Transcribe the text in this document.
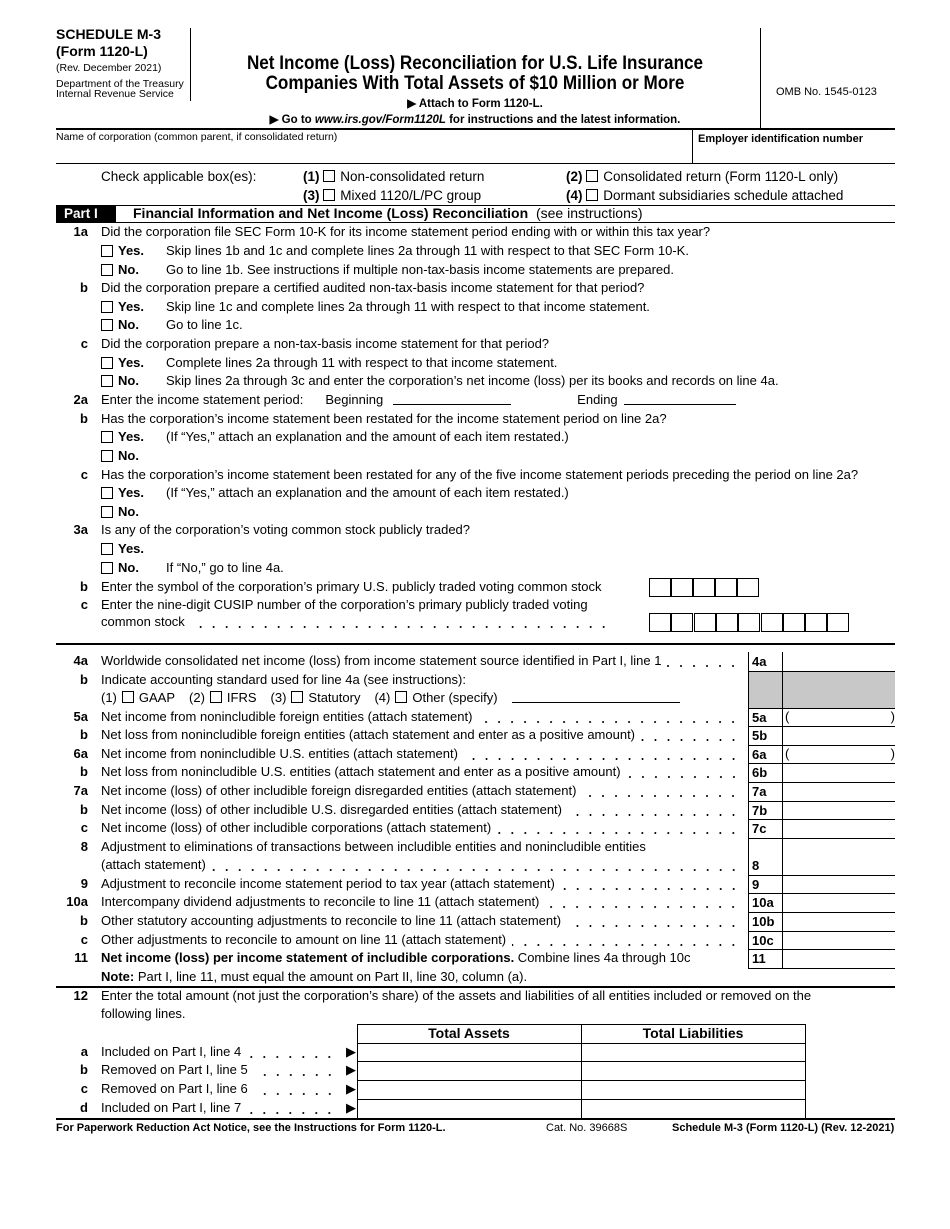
SCHEDULE M-3
(Form 1120-L)
(Rev. December 2021)
Department of the Treasury
Internal Revenue Service
Net Income (Loss) Reconciliation for U.S. Life Insurance
Companies With Total Assets of $10 Million or More
▶ Attach to Form 1120-L.
▶ Go to www.irs.gov/Form1120L for instructions and the latest information.
OMB No. 1545-0123
Name of corporation (common parent, if consolidated return)	Employer identification number
Check applicable box(es):	(1) Non-consolidated return	(2) Consolidated return (Form 1120-L only)
(3) Mixed 1120/L/PC group	(4) Dormant subsidiaries schedule attached
Part I	Financial Information and Net Income (Loss) Reconciliation (see instructions)
1a Did the corporation file SEC Form 10-K for its income statement period ending with or within this tax year?
Yes.	Skip lines 1b and 1c and complete lines 2a through 11 with respect to that SEC Form 10-K.
No.	Go to line 1b. See instructions if multiple non-tax-basis income statements are prepared.
b Did the corporation prepare a certified audited non-tax-basis income statement for that period?
Yes.	Skip line 1c and complete lines 2a through 11 with respect to that income statement.
No.	Go to line 1c.
c Did the corporation prepare a non-tax-basis income statement for that period?
Yes.	Complete lines 2a through 11 with respect to that income statement.
No.	Skip lines 2a through 3c and enter the corporation’s net income (loss) per its books and records on line 4a.
2a Enter the income statement period: Beginning	Ending
b Has the corporation’s income statement been restated for the income statement period on line 2a?
Yes.	(If “Yes,” attach an explanation and the amount of each item restated.)
No.
c Has the corporation’s income statement been restated for any of the five income statement periods preceding the period on line 2a?
Yes.	(If “Yes,” attach an explanation and the amount of each item restated.)
No.
3a Is any of the corporation’s voting common stock publicly traded?
Yes.
No.	If “No,” go to line 4a.
b Enter the symbol of the corporation’s primary U.S. publicly traded voting common stock
c Enter the nine-digit CUSIP number of the corporation’s primary publicly traded voting
common stock
4a Worldwide consolidated net income (loss) from income statement source identified in Part I, line 1	4a
b Indicate accounting standard used for line 4a (see instructions):
(1) GAAP (2) IFRS (3) Statutory (4) Other (specify)
5a Net income from nonincludible foreign entities (attach statement)	5a	(	)
b Net loss from nonincludible foreign entities (attach statement and enter as a positive amount)	5b
6a Net income from nonincludible U.S. entities (attach statement)	6a	(	)
b Net loss from nonincludible U.S. entities (attach statement and enter as a positive amount)	6b
7a Net income (loss) of other includible foreign disregarded entities (attach statement)	7a
b Net income (loss) of other includible U.S. disregarded entities (attach statement)	7b
c Net income (loss) of other includible corporations (attach statement)	7c
8 Adjustment to eliminations of transactions between includible entities and nonincludible entities
(attach statement)	8
9 Adjustment to reconcile income statement period to tax year (attach statement)	9
10a Intercompany dividend adjustments to reconcile to line 11 (attach statement)	10a
b Other statutory accounting adjustments to reconcile to line 11 (attach statement)	10b
c Other adjustments to reconcile to amount on line 11 (attach statement)	10c
11 Net income (loss) per income statement of includible corporations. Combine lines 4a through 10c	11
Note: Part I, line 11, must equal the amount on Part II, line 30, column (a).
12 Enter the total amount (not just the corporation’s share) of the assets and liabilities of all entities included or removed on the
following lines.
Total Assets	Total Liabilities
a Included on Part I, line 4	▶
b Removed on Part I, line 5	▶
c Removed on Part I, line 6	▶
d Included on Part I, line 7	▶
For Paperwork Reduction Act Notice, see the Instructions for Form 1120-L.	Cat. No. 39668S	Schedule M-3 (Form 1120-L) (Rev. 12-2021)
